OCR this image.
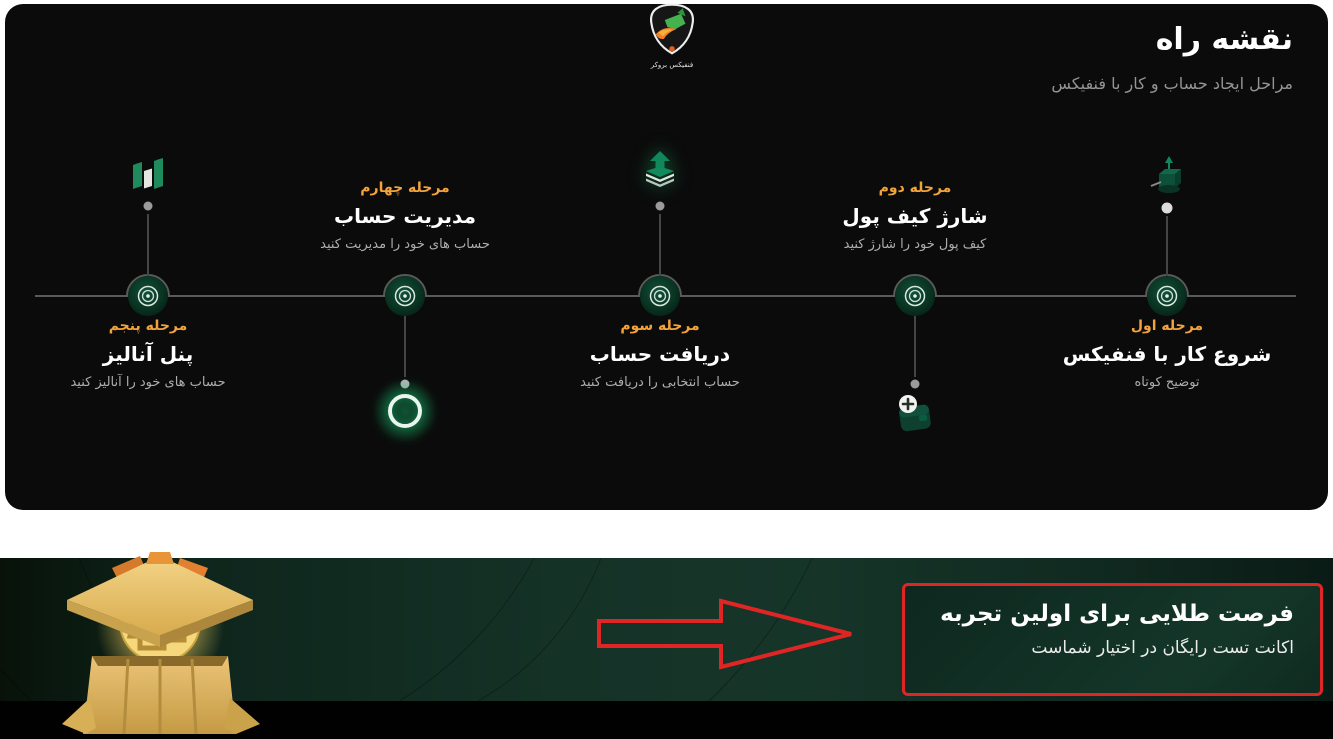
فنفیکس بروکر
نقشه راه
مراحل ایجاد حساب و کار با فنفیکس
مرحله اول
شروع کار با فنفیکس
توضیح کوتاه
مرحله دوم
شارژ کیف پول
کیف پول خود را شارژ کنید
مرحله سوم
دریافت حساب
حساب انتخابی را دریافت کنید
مرحله چهارم
مدیریت حساب
حساب های خود را مدیریت کنید
مرحله پنجم
پنل آنالیز
حساب های خود را آنالیز کنید
فرصت طلایی برای اولین تجربه
اکانت تست رایگان در اختیار شماست
